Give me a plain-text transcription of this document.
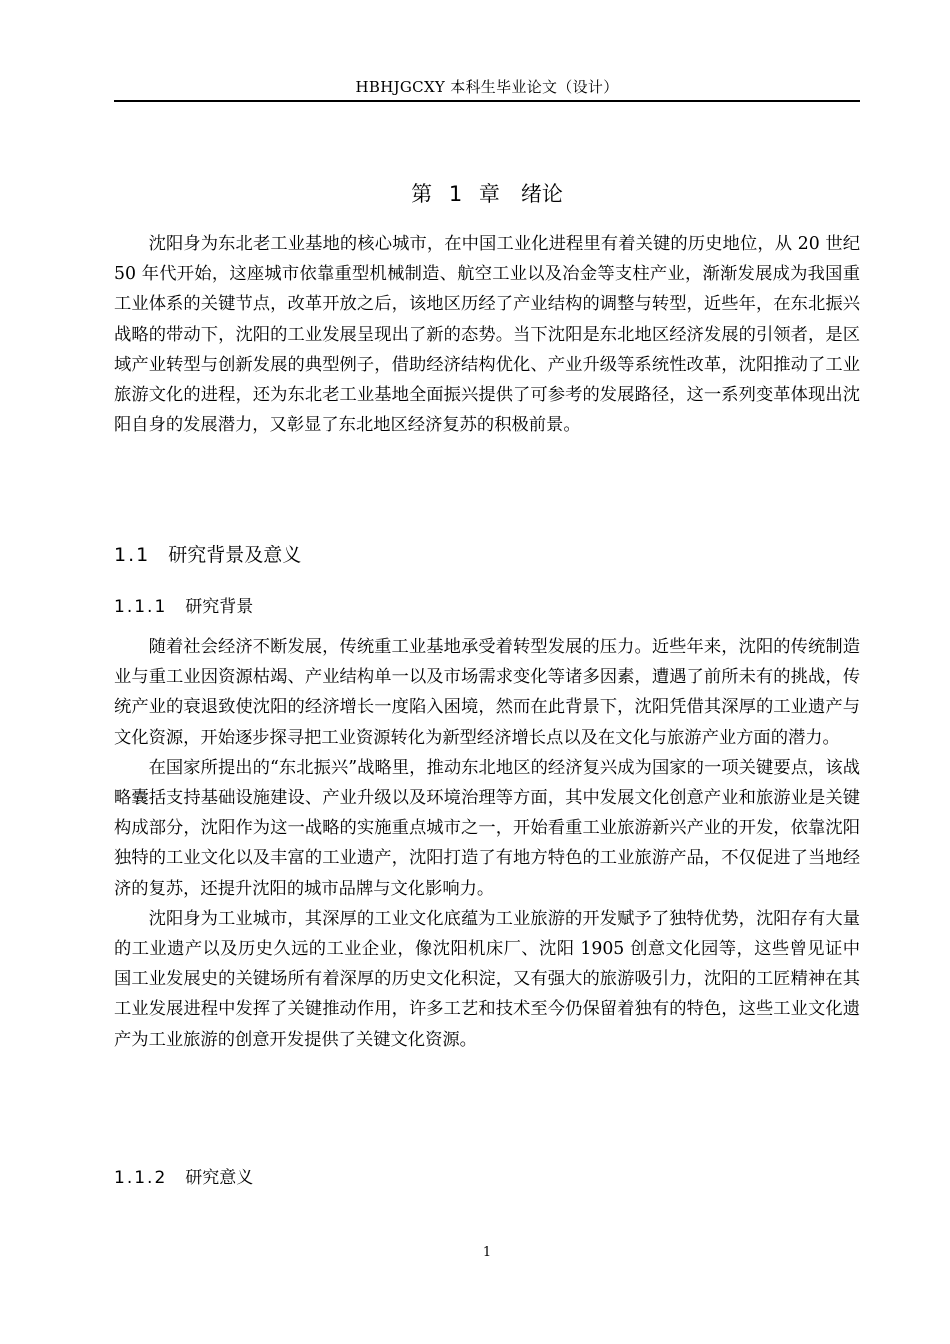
HBHJGCXY 本科生毕业论文（设计）
第 1 章　绪论

沈阳身为东北老工业基地的核心城市，在中国工业化进程里有着关键的历史地位，从 20 世纪 50 年代开始，这座城市依靠重型机械制造、航空工业以及冶金等支柱产业，渐渐发展成为我国重工业体系的关键节点，改革开放之后，该地区历经了产业结构的调整与转型，近些年，在东北振兴战略的带动下，沈阳的工业发展呈现出了新的态势。当下沈阳是东北地区经济发展的引领者，是区域产业转型与创新发展的典型例子，借助经济结构优化、产业升级等系统性改革，沈阳推动了工业旅游文化的进程，还为东北老工业基地全面振兴提供了可参考的发展路径，这一系列变革体现出沈阳自身的发展潜力，又彰显了东北地区经济复苏的积极前景。

1.1 研究背景及意义
1.1.1 研究背景

随着社会经济不断发展，传统重工业基地承受着转型发展的压力。近些年来，沈阳的传统制造业与重工业因资源枯竭、产业结构单一以及市场需求变化等诸多因素，遭遇了前所未有的挑战，传统产业的衰退致使沈阳的经济增长一度陷入困境，然而在此背景下，沈阳凭借其深厚的工业遗产与文化资源，开始逐步探寻把工业资源转化为新型经济增长点以及在文化与旅游产业方面的潜力。

在国家所提出的“东北振兴”战略里，推动东北地区的经济复兴成为国家的一项关键要点，该战略囊括支持基础设施建设、产业升级以及环境治理等方面，其中发展文化创意产业和旅游业是关键构成部分，沈阳作为这一战略的实施重点城市之一，开始看重工业旅游新兴产业的开发，依靠沈阳独特的工业文化以及丰富的工业遗产，沈阳打造了有地方特色的工业旅游产品，不仅促进了当地经济的复苏，还提升沈阳的城市品牌与文化影响力。

沈阳身为工业城市，其深厚的工业文化底蕴为工业旅游的开发赋予了独特优势，沈阳存有大量的工业遗产以及历史久远的工业企业，像沈阳机床厂、沈阳 1905 创意文化园等，这些曾见证中国工业发展史的关键场所有着深厚的历史文化积淀，又有强大的旅游吸引力，沈阳的工匠精神在其工业发展进程中发挥了关键推动作用，许多工艺和技术至今仍保留着独有的特色，这些工业文化遗产为工业旅游的创意开发提供了关键文化资源。

1.1.2 研究意义
1
